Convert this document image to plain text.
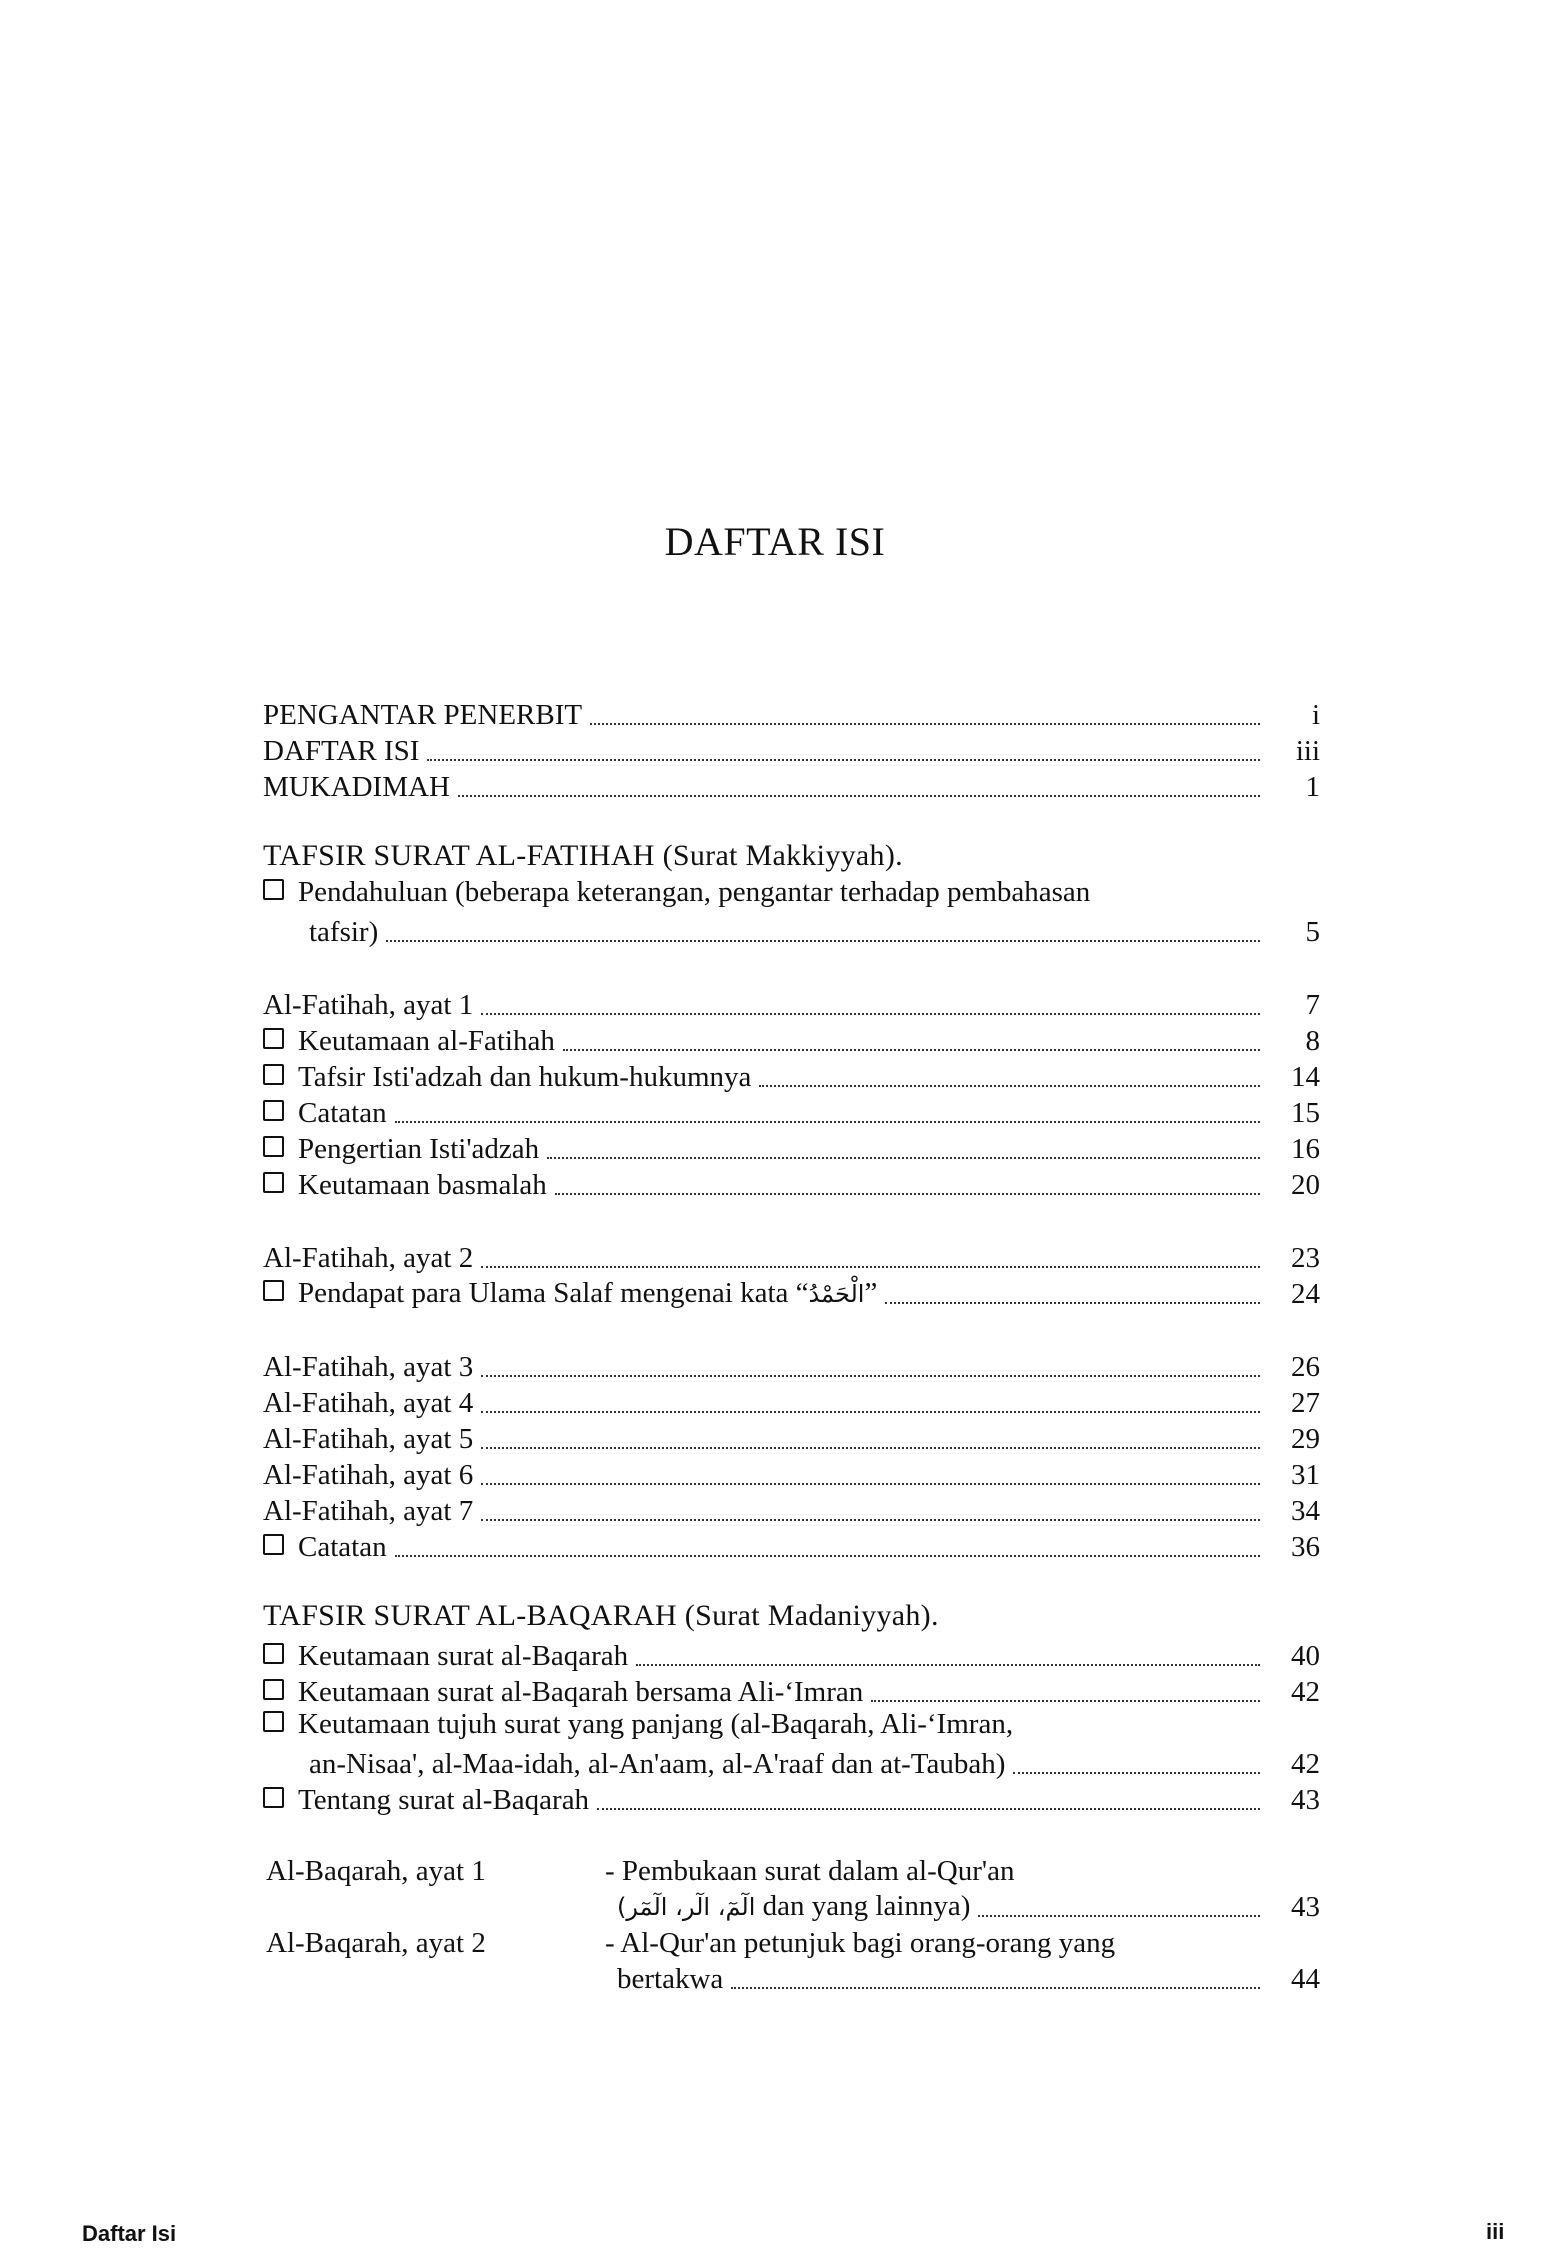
DAFTAR ISI
PENGANTAR PENERBIT	i
DAFTAR ISI	iii
MUKADIMAH	1
TAFSIR SURAT AL-FATIHAH (Surat Makkiyyah).
Pendahuluan (beberapa keterangan, pengantar terhadap pembahasan
tafsir)	5
Al-Fatihah, ayat 1	7
Keutamaan al-Fatihah	8
Tafsir Isti'adzah dan hukum-hukumnya	14
Catatan	15
Pengertian Isti'adzah	16
Keutamaan basmalah	20
Al-Fatihah, ayat 2	23
Pendapat para Ulama Salaf mengenai kata “الْحَمْدُ”	24
Al-Fatihah, ayat 3	26
Al-Fatihah, ayat 4	27
Al-Fatihah, ayat 5	29
Al-Fatihah, ayat 6	31
Al-Fatihah, ayat 7	34
Catatan	36
TAFSIR SURAT AL-BAQARAH (Surat Madaniyyah).
Keutamaan surat al-Baqarah	40
Keutamaan surat al-Baqarah bersama Ali-‘Imran	42
Keutamaan tujuh surat yang panjang (al-Baqarah, Ali-‘Imran,
an-Nisaa', al-Maa-idah, al-An'aam, al-A'raaf dan at-Taubah)	42
Tentang surat al-Baqarah	43
Al-Baqarah, ayat 1	- Pembukaan surat dalam al-Qur'an
(الٓمٓ، الٓر، الٓمٓر dan yang lainnya)	43
Al-Baqarah, ayat 2	- Al-Qur'an petunjuk bagi orang-orang yang
bertakwa	44
Daftar Isi	iii
